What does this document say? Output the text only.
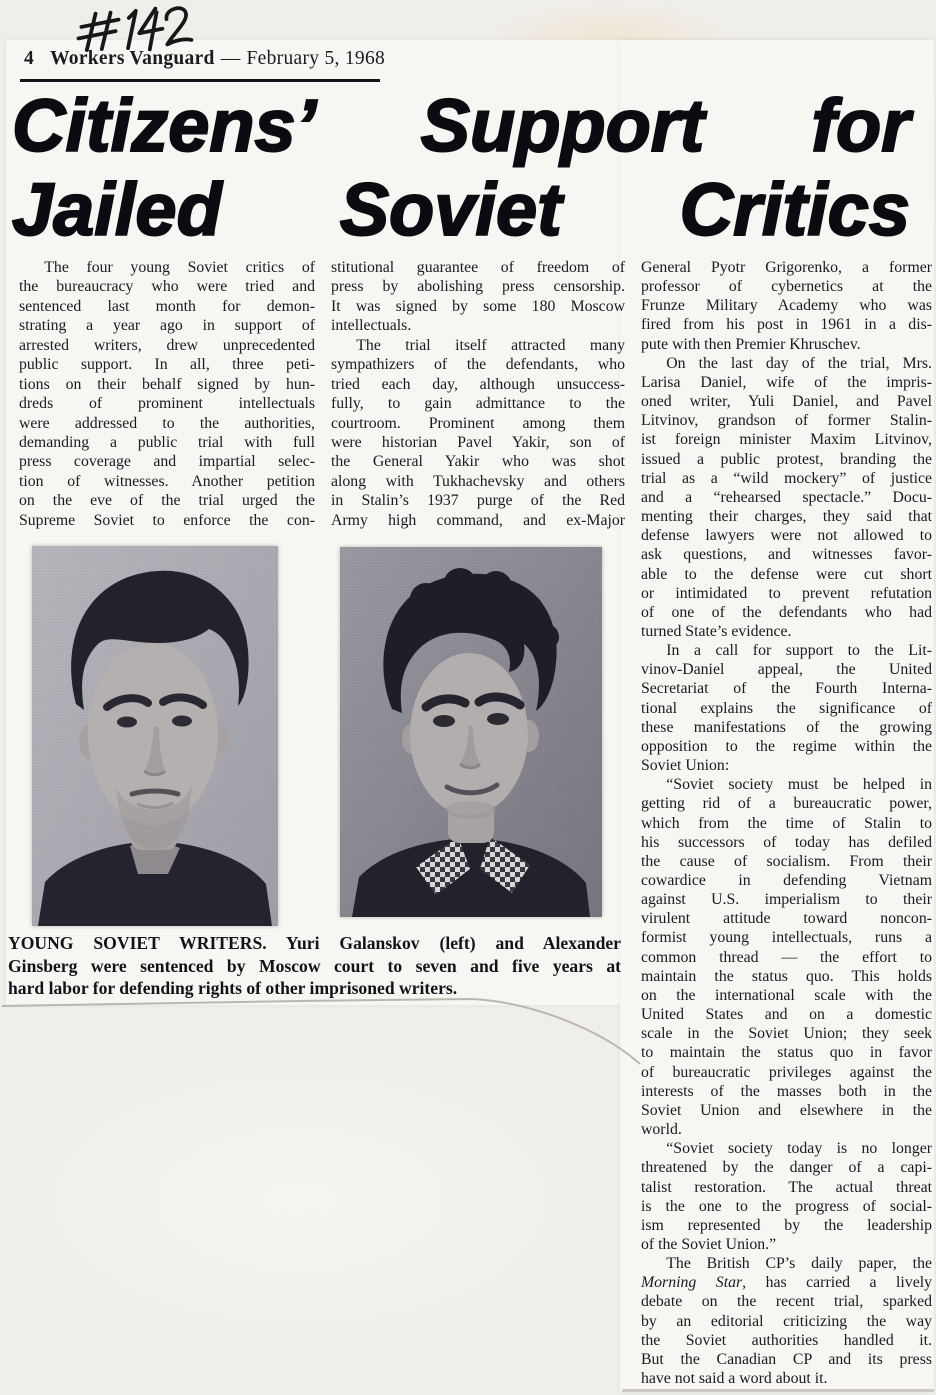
4 Workers Vanguard — February 5, 1968
Citizens’ Support for
Jailed Soviet Critics
The four young Soviet critics of
the bureaucracy who were tried and
sentenced last month for demon-
strating a year ago in support of
arrested writers, drew unprecedented
public support. In all, three peti-
tions on their behalf signed by hun-
dreds of prominent intellectuals
were addressed to the authorities,
demanding a public trial with full
press coverage and impartial selec-
tion of witnesses. Another petition
on the eve of the trial urged the
Supreme Soviet to enforce the con-
stitutional guarantee of freedom of
press by abolishing press censorship.
It was signed by some 180 Moscow
intellectuals.
The trial itself attracted many
sympathizers of the defendants, who
tried each day, although unsuccess-
fully, to gain admittance to the
courtroom. Prominent among them
were historian Pavel Yakir, son of
the General Yakir who was shot
along with Tukhachevsky and others
in Stalin’s 1937 purge of the Red
Army high command, and ex-Major
General Pyotr Grigorenko, a former
professor of cybernetics at the
Frunze Military Academy who was
fired from his post in 1961 in a dis-
pute with then Premier Khruschev.
On the last day of the trial, Mrs.
Larisa Daniel, wife of the impris-
oned writer, Yuli Daniel, and Pavel
Litvinov, grandson of former Stalin-
ist foreign minister Maxim Litvinov,
issued a public protest, branding the
trial as a “wild mockery” of justice
and a “rehearsed spectacle.” Docu-
menting their charges, they said that
defense lawyers were not allowed to
ask questions, and witnesses favor-
able to the defense were cut short
or intimidated to prevent refutation
of one of the defendants who had
turned State’s evidence.
In a call for support to the Lit-
vinov-Daniel appeal, the United
Secretariat of the Fourth Interna-
tional explains the significance of
these manifestations of the growing
opposition to the regime within the
Soviet Union:
“Soviet society must be helped in
getting rid of a bureaucratic power,
which from the time of Stalin to
his successors of today has defiled
the cause of socialism. From their
cowardice in defending Vietnam
against U.S. imperialism to their
virulent attitude toward noncon-
formist young intellectuals, runs a
common thread — the effort to
maintain the status quo. This holds
on the international scale with the
United States and on a domestic
scale in the Soviet Union; they seek
to maintain the status quo in favor
of bureaucratic privileges against the
interests of the masses both in the
Soviet Union and elsewhere in the
world.
“Soviet society today is no longer
threatened by the danger of a capi-
talist restoration. The actual threat
is the one to the progress of social-
ism represented by the leadership
of the Soviet Union.”
The British CP’s daily paper, the
Morning Star, has carried a lively
debate on the recent trial, sparked
by an editorial criticizing the way
the Soviet authorities handled it.
But the Canadian CP and its press
have not said a word about it.
YOUNG SOVIET WRITERS. Yuri Galanskov (left) and Alexander
Ginsberg were sentenced by Moscow court to seven and five years at
hard labor for defending rights of other imprisoned writers.
